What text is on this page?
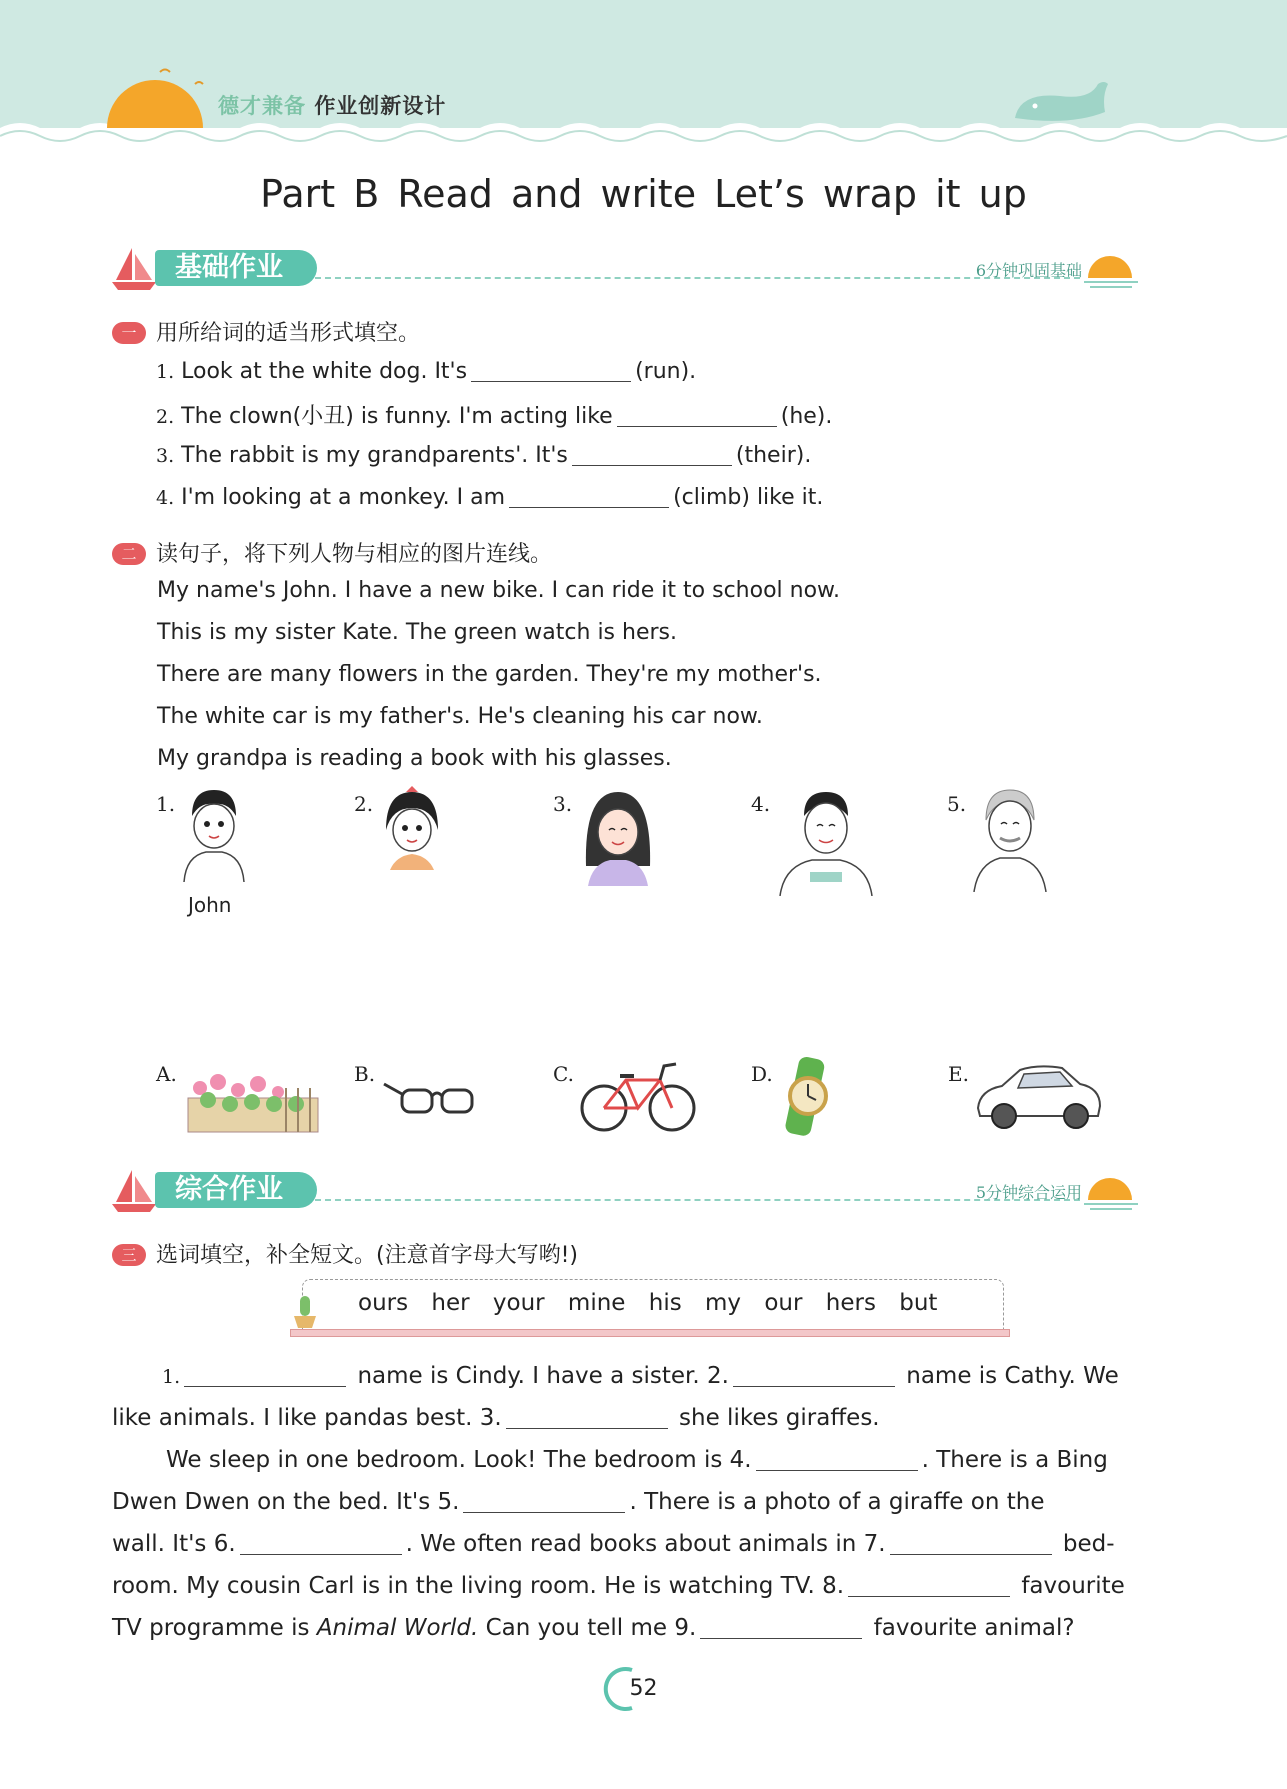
德才兼备 作业创新设计
Part B Read and write Let’s wrap it up
基础作业	6分钟巩固基础
一 用所给词的适当形式填空。
1. Look at the white dog. It's	(run).
2. The clown(小丑) is funny. I'm acting like	(he).
3. The rabbit is my grandparents'. It's	(their).
4. I'm looking at a monkey. I am	(climb) like it.
二 读句子，将下列人物与相应的图片连线。
My name's John. I have a new bike. I can ride it to school now.
This is my sister Kate. The green watch is hers.
There are many flowers in the garden. They're my mother's.
The white car is my father's. He's cleaning his car now.
My grandpa is reading a book with his glasses.
1.
John
2.	3.	4.	5.
A.	B.	C.	D.	E.
综合作业	5分钟综合运用
三 选词填空，补全短文。(注意首字母大写哟!)
ours her your mine his my our hers but
1.	name is Cindy. I have a sister. 2.	name is Cathy. We
like animals. I like pandas best. 3.	she likes giraffes.
We sleep in one bedroom. Look! The bedroom is 4.	. There is a Bing
Dwen Dwen on the bed. It's 5.	. There is a photo of a giraffe on the
wall. It's 6.	. We often read books about animals in 7.	bed-
room. My cousin Carl is in the living room. He is watching TV. 8.	favourite
TV programme is Animal World. Can you tell me 9.	favourite animal?
52
